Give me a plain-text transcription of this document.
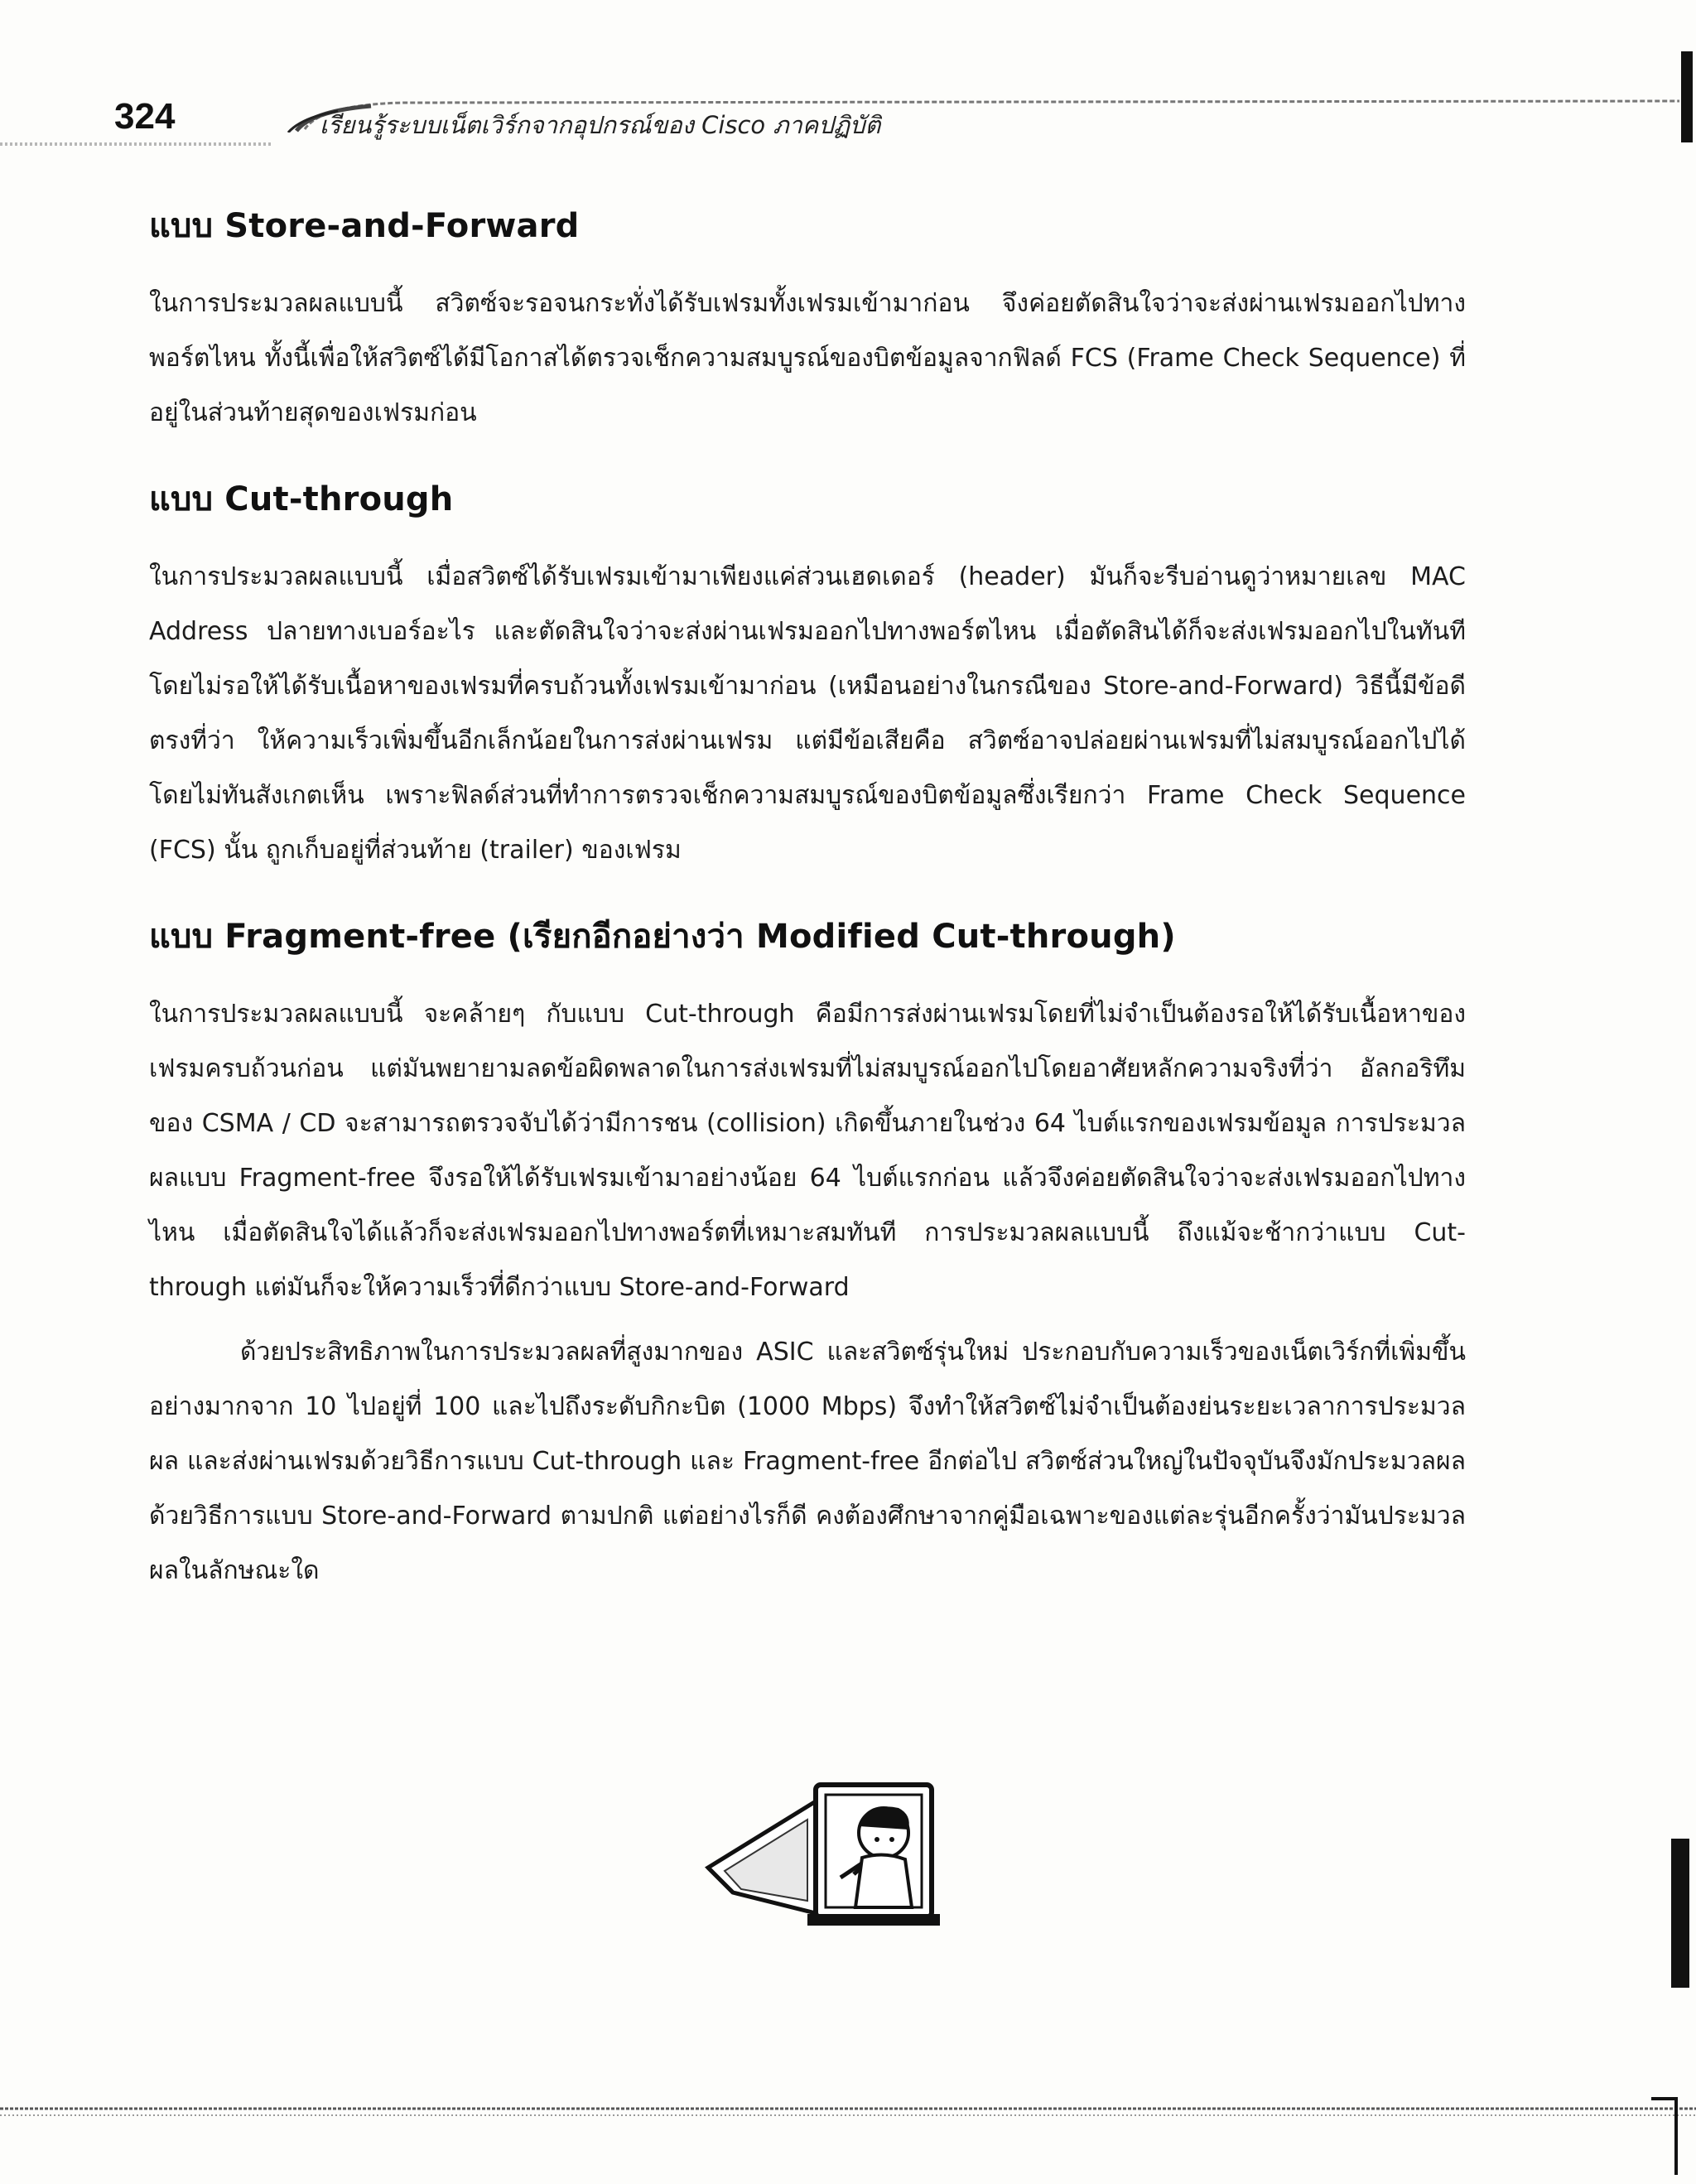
324	เรียนรู้ระบบเน็ตเวิร์กจากอุปกรณ์ของ Cisco ภาคปฏิบัติ
แบบ Store-and-Forward

ในการประมวลผลแบบนี้ สวิตซ์จะรอจนกระทั่งได้รับเฟรมทั้งเฟรมเข้ามาก่อน จึงค่อยตัดสินใจว่าจะส่งผ่านเฟรมออกไปทางพอร์ตไหน ทั้งนี้เพื่อให้สวิตซ์ได้มีโอกาสได้ตรวจเช็กความสมบูรณ์ของบิตข้อมูลจากฟิลด์ FCS (Frame Check Sequence) ที่อยู่ในส่วนท้ายสุดของเฟรมก่อน

แบบ Cut-through

ในการประมวลผลแบบนี้ เมื่อสวิตซ์ได้รับเฟรมเข้ามาเพียงแค่ส่วนเฮดเดอร์ (header) มันก็จะรีบอ่านดูว่าหมายเลข MAC Address ปลายทางเบอร์อะไร และตัดสินใจว่าจะส่งผ่านเฟรมออกไปทางพอร์ตไหน เมื่อตัดสินได้ก็จะส่งเฟรมออกไปในทันที โดยไม่รอให้ได้รับเนื้อหาของเฟรมที่ครบถ้วนทั้งเฟรมเข้ามาก่อน (เหมือนอย่างในกรณีของ Store-and-Forward) วิธีนี้มีข้อดีตรงที่ว่า ให้ความเร็วเพิ่มขึ้นอีกเล็กน้อยในการส่งผ่านเฟรม แต่มีข้อเสียคือ สวิตซ์อาจปล่อยผ่านเฟรมที่ไม่สมบูรณ์ออกไปได้โดยไม่ทันสังเกตเห็น เพราะฟิลด์ส่วนที่ทำการตรวจเช็กความสมบูรณ์ของบิตข้อมูลซึ่งเรียกว่า Frame Check Sequence (FCS) นั้น ถูกเก็บอยู่ที่ส่วนท้าย (trailer) ของเฟรม

แบบ Fragment-free (เรียกอีกอย่างว่า Modified Cut-through)

ในการประมวลผลแบบนี้ จะคล้ายๆ กับแบบ Cut-through คือมีการส่งผ่านเฟรมโดยที่ไม่จำเป็นต้องรอให้ได้รับเนื้อหาของเฟรมครบถ้วนก่อน แต่มันพยายามลดข้อผิดพลาดในการส่งเฟรมที่ไม่สมบูรณ์ออกไปโดยอาศัยหลักความจริงที่ว่า อัลกอริทึมของ CSMA / CD จะสามารถตรวจจับได้ว่ามีการชน (collision) เกิดขึ้นภายในช่วง 64 ไบต์แรกของเฟรมข้อมูล การประมวลผลแบบ Fragment-free จึงรอให้ได้รับเฟรมเข้ามาอย่างน้อย 64 ไบต์แรกก่อน แล้วจึงค่อยตัดสินใจว่าจะส่งเฟรมออกไปทางไหน เมื่อตัดสินใจได้แล้วก็จะส่งเฟรมออกไปทางพอร์ตที่เหมาะสมทันที การประมวลผลแบบนี้ ถึงแม้จะช้ากว่าแบบ Cut-through แต่มันก็จะให้ความเร็วที่ดีกว่าแบบ Store-and-Forward

ด้วยประสิทธิภาพในการประมวลผลที่สูงมากของ ASIC และสวิตซ์รุ่นใหม่ ประกอบกับความเร็วของเน็ตเวิร์กที่เพิ่มขึ้นอย่างมากจาก 10 ไปอยู่ที่ 100 และไปถึงระดับกิกะบิต (1000 Mbps) จึงทำให้สวิตซ์ไม่จำเป็นต้องย่นระยะเวลาการประมวลผล และส่งผ่านเฟรมด้วยวิธีการแบบ Cut-through และ Fragment-free อีกต่อไป สวิตซ์ส่วนใหญ่ในปัจจุบันจึงมักประมวลผลด้วยวิธีการแบบ Store-and-Forward ตามปกติ แต่อย่างไรก็ดี คงต้องศึกษาจากคู่มือเฉพาะของแต่ละรุ่นอีกครั้งว่ามันประมวลผลในลักษณะใด
